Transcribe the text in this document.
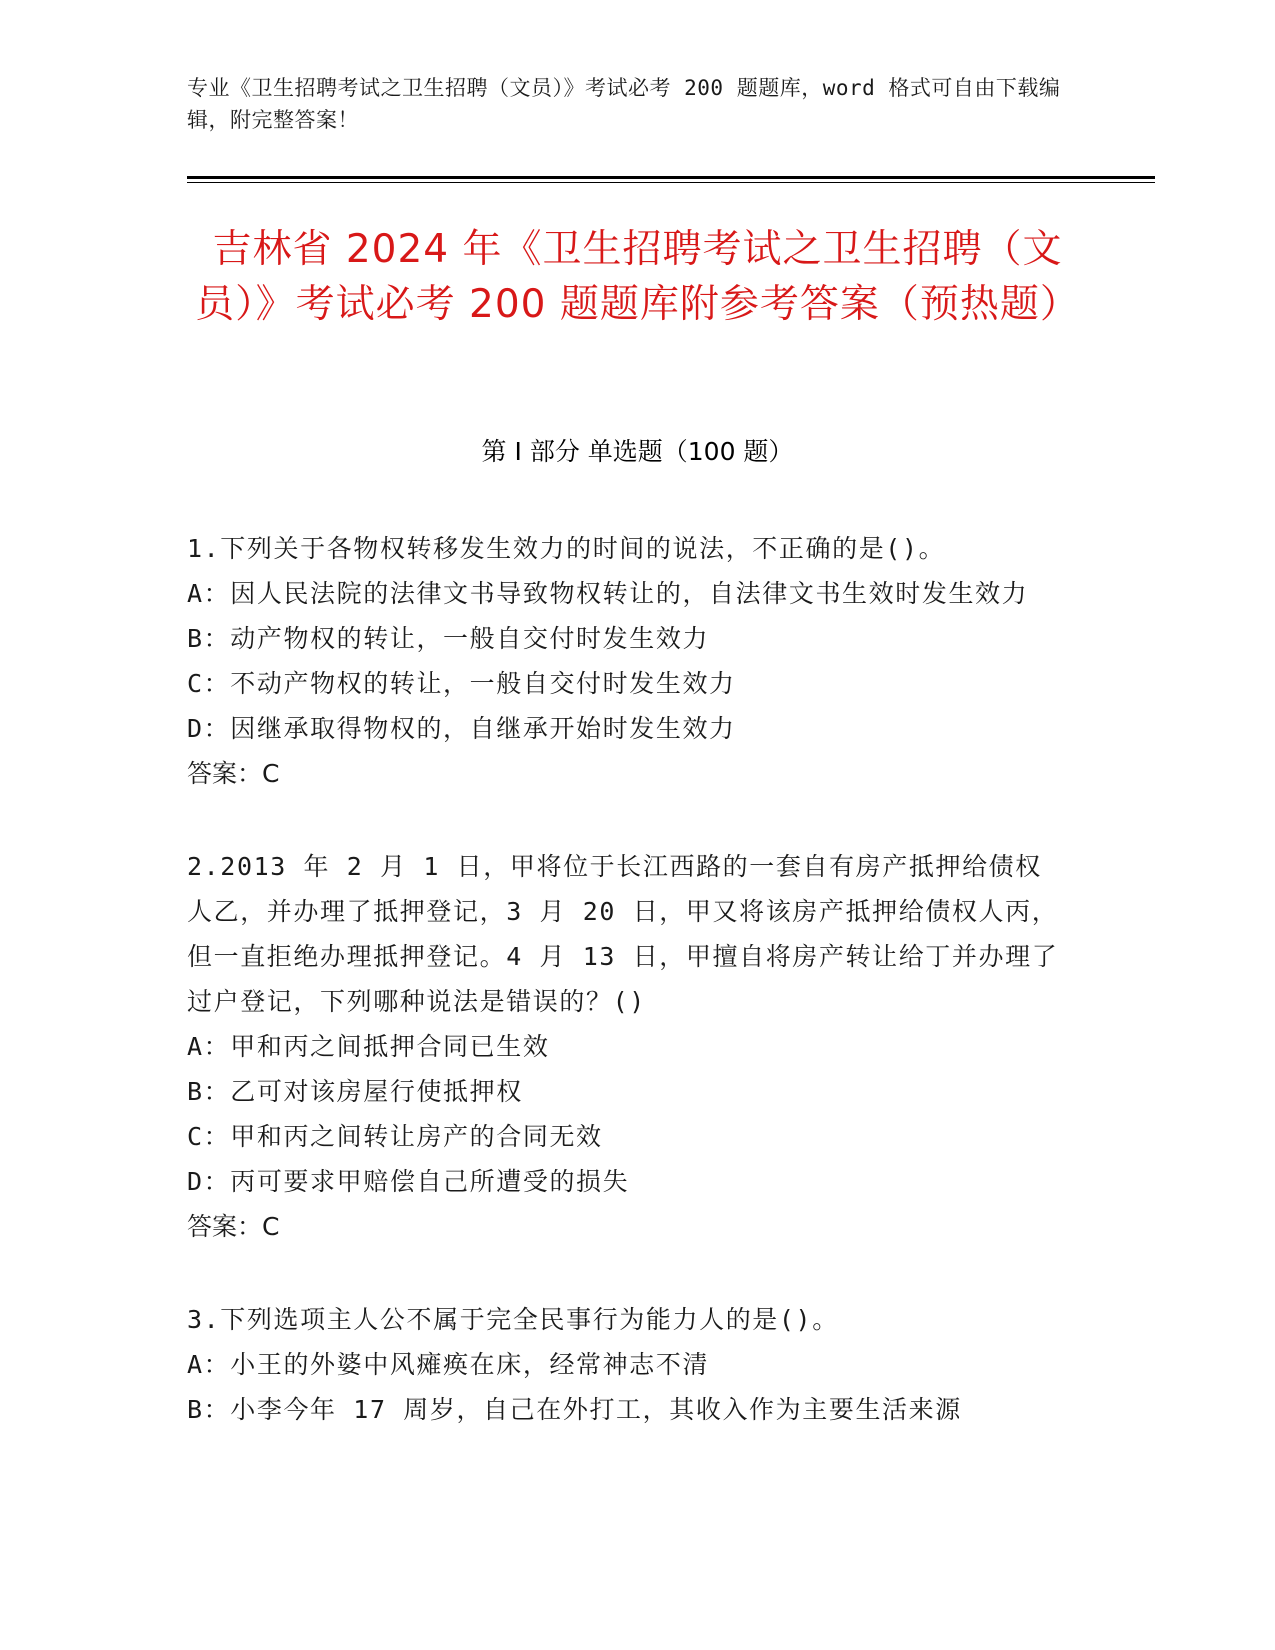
专业《卫生招聘考试之卫生招聘（文员）》考试必考 200 题题库，word 格式可自由下载编辑，附完整答案！
吉林省 2024 年《卫生招聘考试之卫生招聘（文员）》考试必考 200 题题库附参考答案（预热题）
第 I 部分 单选题（100 题）

1.下列关于各物权转移发生效力的时间的说法，不正确的是()。

A：因人民法院的法律文书导致物权转让的，自法律文书生效时发生效力

B：动产物权的转让，一般自交付时发生效力

C：不动产物权的转让，一般自交付时发生效力

D：因继承取得物权的，自继承开始时发生效力

答案：C

2.2013 年 2 月 1 日，甲将位于长江西路的一套自有房产抵押给债权人乙，并办理了抵押登记，3 月 20 日，甲又将该房产抵押给债权人丙，但一直拒绝办理抵押登记。4 月 13 日，甲擅自将房产转让给丁并办理了过户登记，下列哪种说法是错误的？()

A：甲和丙之间抵押合同已生效

B：乙可对该房屋行使抵押权

C：甲和丙之间转让房产的合同无效

D：丙可要求甲赔偿自己所遭受的损失

答案：C

3.下列选项主人公不属于完全民事行为能力人的是()。

A：小王的外婆中风瘫痪在床，经常神志不清

B：小李今年 17 周岁，自己在外打工，其收入作为主要生活来源
